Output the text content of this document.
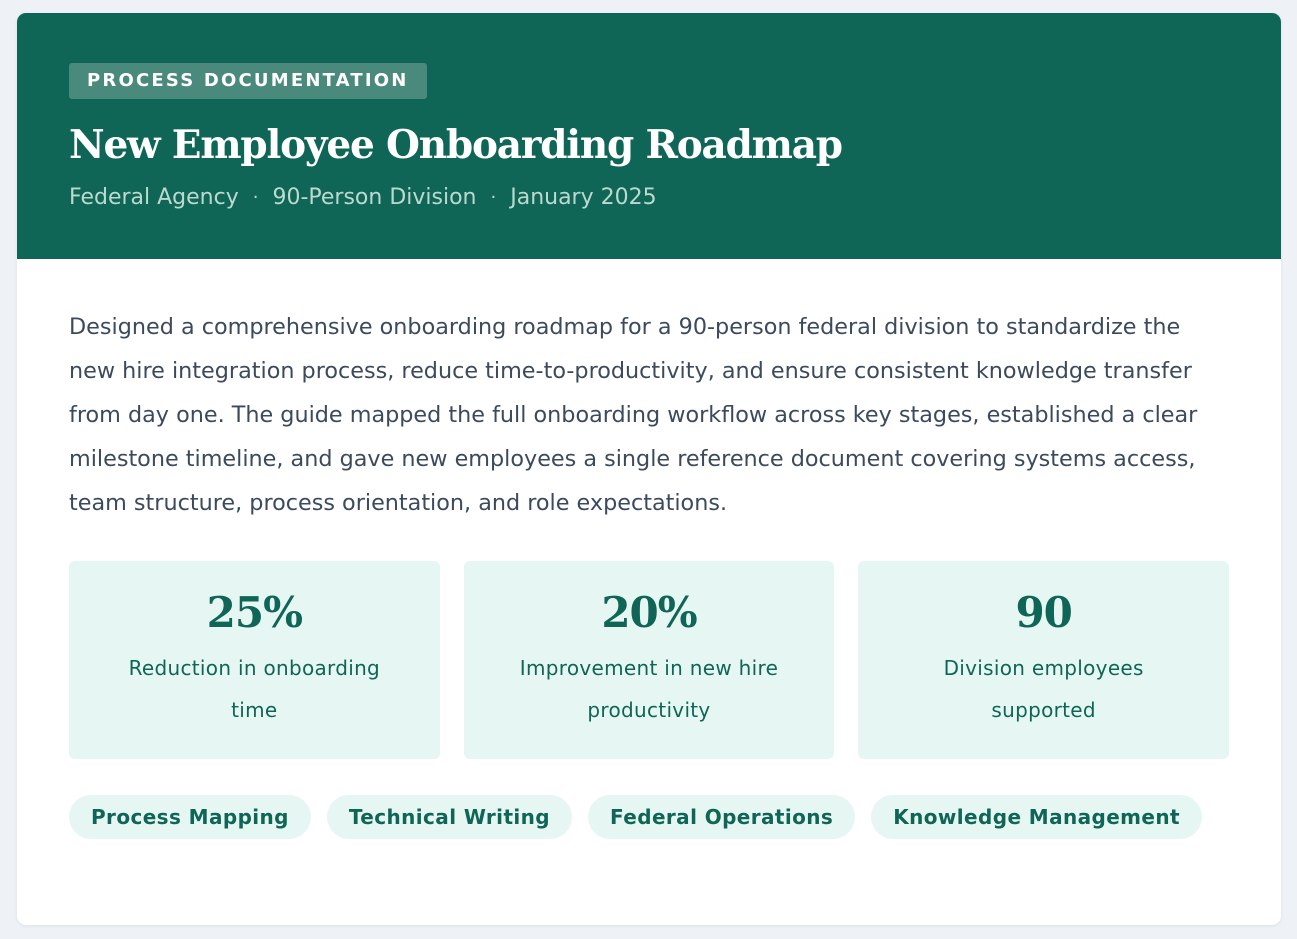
PROCESS DOCUMENTATION
New Employee Onboarding Roadmap
Federal Agency · 90-Person Division · January 2025

Designed a comprehensive onboarding roadmap for a 90-person federal division to standardize the new hire integration process, reduce time-to-productivity, and ensure consistent knowledge transfer from day one. The guide mapped the full onboarding workflow across key stages, established a clear milestone timeline, and gave new employees a single reference document covering systems access, team structure, process orientation, and role expectations.

25%
Reduction in onboarding time
20%
Improvement in new hire productivity
90
Division employees supported
Process Mapping	Technical Writing	Federal Operations	Knowledge Management
